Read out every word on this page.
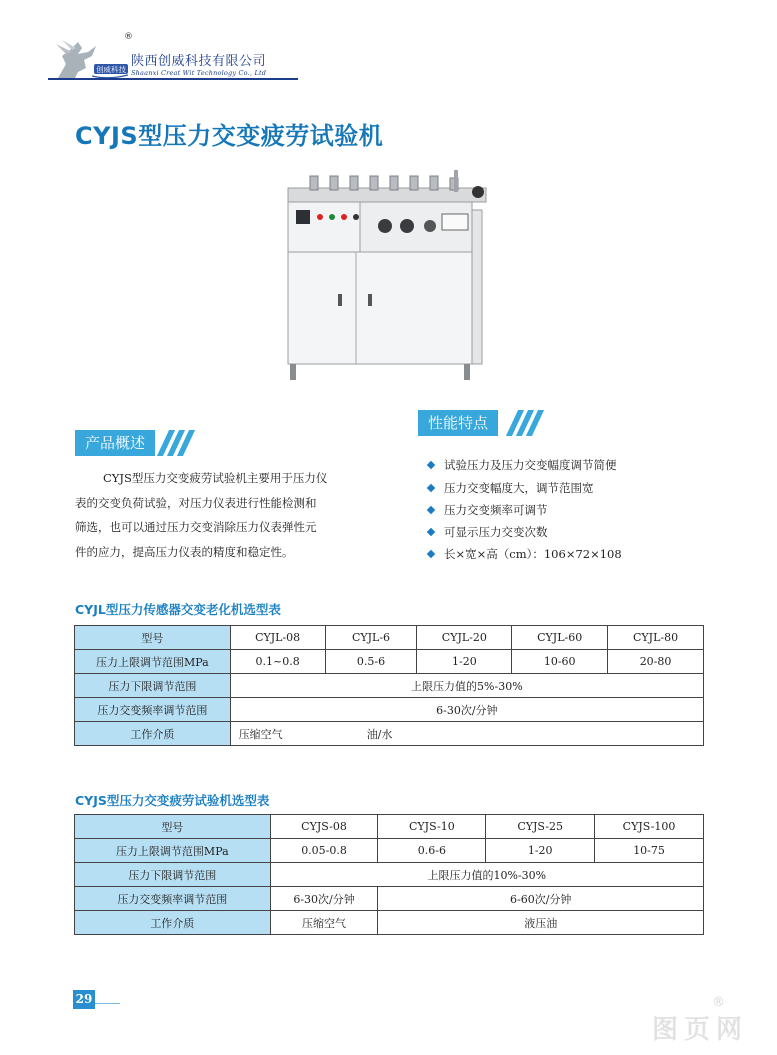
创威科技
®
陕西创威科技有限公司
Shaanxi Creat Wit Technology Co., Ltd
CYJS型压力交变疲劳试验机
性能特点
产品概述
CYJS型压力交变疲劳试验机主要用于压力仪
表的交变负荷试验，对压力仪表进行性能检测和
筛选，也可以通过压力交变消除压力仪表弹性元
件的应力，提高压力仪表的精度和稳定性。
试验压力及压力交变幅度调节简便
压力交变幅度大，调节范围宽
压力交变频率可调节
可显示压力交变次数
长×宽×高（cm）：106×72×108
CYJL型压力传感器交变老化机选型表
型号	CYJL-08	CYJL-6	CYJL-20	CYJL-60	CYJL-80
压力上限调节范围MPa	0.1~0.8	0.5-6	1-20	10-60	20-80
压力下限调节范围	上限压力值的5%-30%				
压力交变频率调节范围	6-30次/分钟				
工作介质	压缩空气 油/水				
CYJS型压力交变疲劳试验机选型表
型号	CYJS-08	CYJS-10	CYJS-25	CYJS-100
压力上限调节范围MPa	0.05-0.8	0.6-6	1-20	10-75
压力下限调节范围	上限压力值的10%-30%			
压力交变频率调节范围	6-30次/分钟	6-60次/分钟		
工作介质	压缩空气	液压油		
29
图页网
®
